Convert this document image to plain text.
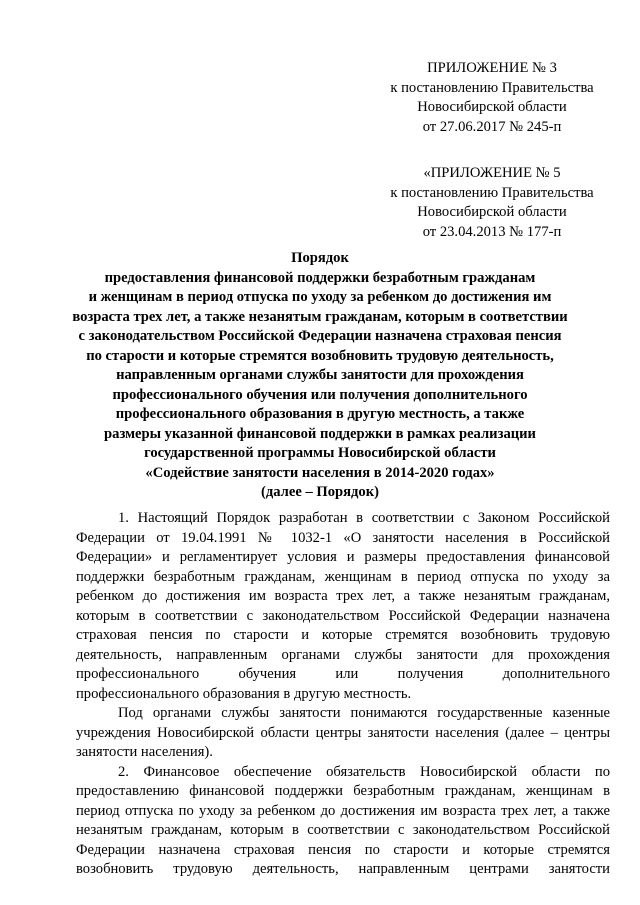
ПРИЛОЖЕНИЕ № 3
к постановлению Правительства
Новосибирской области
от 27.06.2017 № 245-п
«ПРИЛОЖЕНИЕ № 5
к постановлению Правительства
Новосибирской области
от 23.04.2013 № 177-п
Порядок
предоставления финансовой поддержки безработным гражданам
и женщинам в период отпуска по уходу за ребенком до достижения им
возраста трех лет, а также незанятым гражданам, которым в соответствии
с законодательством Российской Федерации назначена страховая пенсия
по старости и которые стремятся возобновить трудовую деятельность,
направленным органами службы занятости для прохождения
профессионального обучения или получения дополнительного
профессионального образования в другую местность, а также
размеры указанной финансовой поддержки в рамках реализации
государственной программы Новосибирской области
«Содействие занятости населения в 2014-2020 годах»
(далее – Порядок)
1. Настоящий Порядок разработан в соответствии с Законом Российской
Федерации от 19.04.1991 № 1032-1 «О занятости населения в Российской
Федерации» и регламентирует условия и размеры предоставления финансовой
поддержки безработным гражданам, женщинам в период отпуска по уходу за
ребенком до достижения им возраста трех лет, а также незанятым гражданам,
которым в соответствии с законодательством Российской Федерации назначена
страховая пенсия по старости и которые стремятся возобновить трудовую
деятельность, направленным органами службы занятости для прохождения
профессионального обучения или получения дополнительного
профессионального образования в другую местность.
Под органами службы занятости понимаются государственные казенные
учреждения Новосибирской области центры занятости населения (далее – центры
занятости населения).
2. Финансовое обеспечение обязательств Новосибирской области по
предоставлению финансовой поддержки безработным гражданам, женщинам в
период отпуска по уходу за ребенком до достижения им возраста трех лет, а также
незанятым гражданам, которым в соответствии с законодательством Российской
Федерации назначена страховая пенсия по старости и которые стремятся
возобновить трудовую деятельность, направленным центрами занятости
